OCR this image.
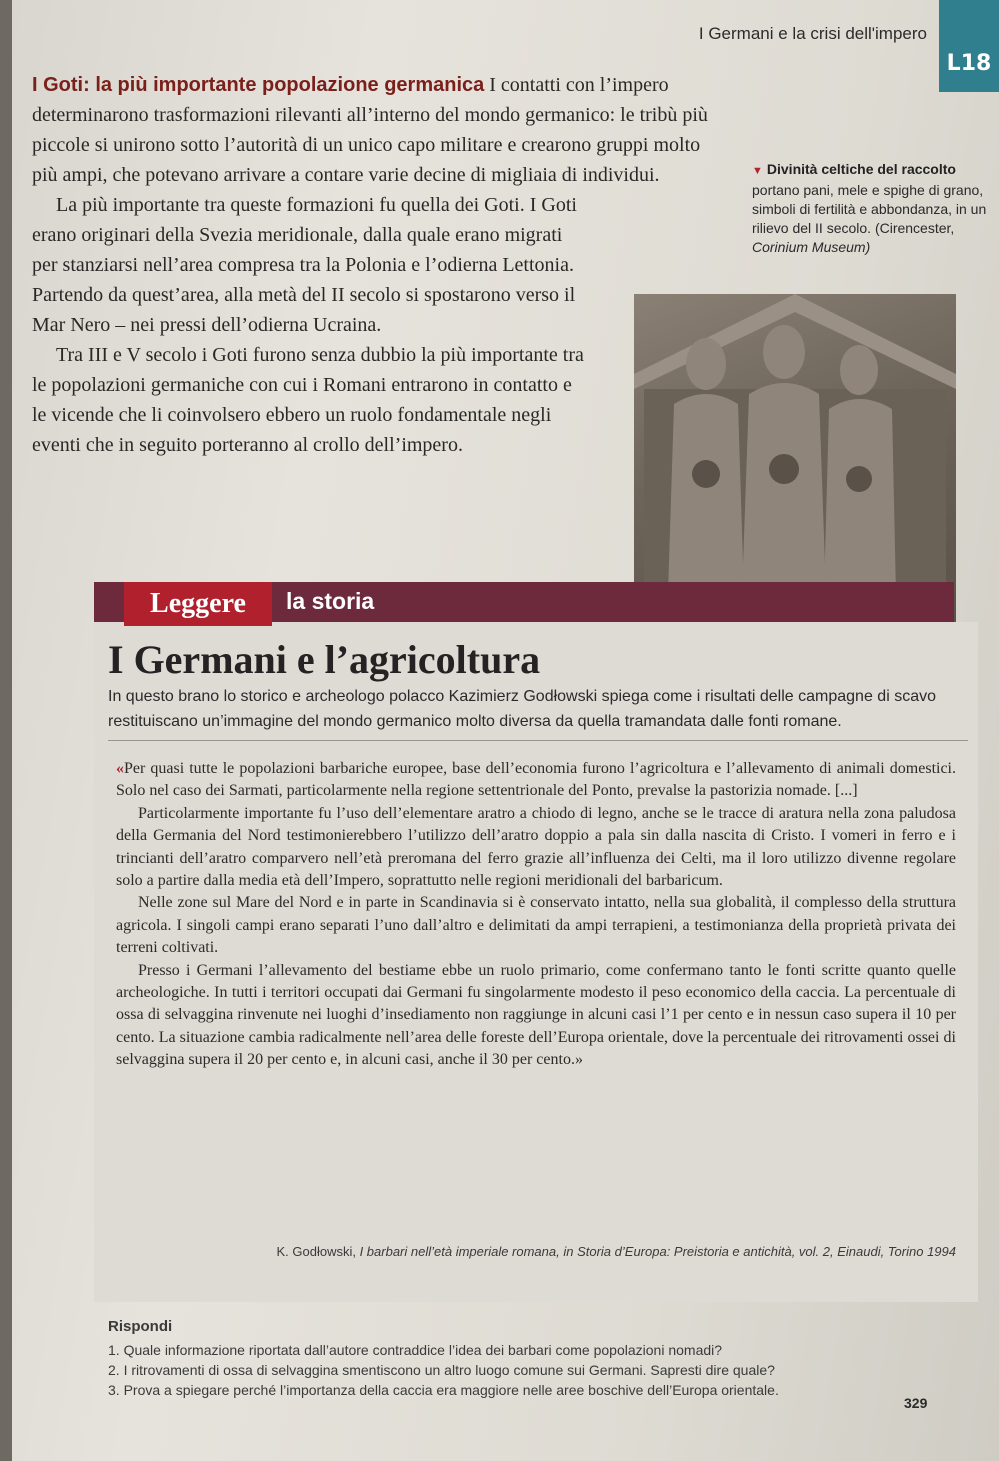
I Germani e la crisi dell'impero
L18

I Goti: la più importante popolazione germanica I contatti con l’impero determinarono trasformazioni rilevanti all’interno del mondo germanico: le tribù più piccole si unirono sotto l’autorità di un unico capo militare e crearono gruppi molto più ampi, che potevano arrivare a contare varie decine di migliaia di individui.

La più importante tra queste formazioni fu quella dei Goti. I Goti erano originari della Svezia meridionale, dalla quale erano migrati per stanziarsi nell’area compresa tra la Polonia e l’odierna Lettonia. Partendo da quest’area, alla metà del II secolo si spostarono verso il Mar Nero – nei pressi dell’odierna Ucraina.

Tra III e V secolo i Goti furono senza dubbio la più importante tra le popolazioni germaniche con cui i Romani entrarono in contatto e le vicende che li coinvolsero ebbero un ruolo fondamentale negli eventi che in seguito porteranno al crollo dell’impero.

▼ Divinità celtiche del raccolto
portano pani, mele e spighe di grano, simboli di fertilità e abbondanza, in un rilievo del II secolo. (Cirencester, Corinium Museum)
Leggere	la storia
I Germani e l’agricoltura
In questo brano lo storico e archeologo polacco Kazimierz Godłowski spiega come i risultati delle campagne di scavo restituiscano un’immagine del mondo germanico molto diversa da quella tramandata dalle fonti romane.

«Per quasi tutte le popolazioni barbariche europee, base dell’economia furono l’agricoltura e l’allevamento di animali domestici. Solo nel caso dei Sarmati, particolarmente nella regione settentrionale del Ponto, prevalse la pastorizia nomade. [...]

Particolarmente importante fu l’uso dell’elementare aratro a chiodo di legno, anche se le tracce di aratura nella zona paludosa della Germania del Nord testimonierebbero l’utilizzo dell’aratro doppio a pala sin dalla nascita di Cristo. I vomeri in ferro e i trincianti dell’aratro comparvero nell’età preromana del ferro grazie all’influenza dei Celti, ma il loro utilizzo divenne regolare solo a partire dalla media età dell’Impero, soprattutto nelle regioni meridionali del barbaricum.

Nelle zone sul Mare del Nord e in parte in Scandinavia si è conservato intatto, nella sua globalità, il complesso della struttura agricola. I singoli campi erano separati l’uno dall’altro e delimitati da ampi terrapieni, a testimonianza della proprietà privata dei terreni coltivati.

Presso i Germani l’allevamento del bestiame ebbe un ruolo primario, come confermano tanto le fonti scritte quanto quelle archeologiche. In tutti i territori occupati dai Germani fu singolarmente modesto il peso economico della caccia. La percentuale di ossa di selvaggina rinvenute nei luoghi d’insediamento non raggiunge in alcuni casi l’1 per cento e in nessun caso supera il 10 per cento. La situazione cambia radicalmente nell’area delle foreste dell’Europa orientale, dove la percentuale dei ritrovamenti ossei di selvaggina supera il 20 per cento e, in alcuni casi, anche il 30 per cento.»

K. Godłowski, I barbari nell’età imperiale romana, in Storia d’Europa: Preistoria e antichità, vol. 2, Einaudi, Torino 1994
Rispondi
1. Quale informazione riportata dall’autore contraddice l’idea dei barbari come popolazioni nomadi?
2. I ritrovamenti di ossa di selvaggina smentiscono un altro luogo comune sui Germani. Sapresti dire quale?
3. Prova a spiegare perché l’importanza della caccia era maggiore nelle aree boschive dell’Europa orientale.
329
